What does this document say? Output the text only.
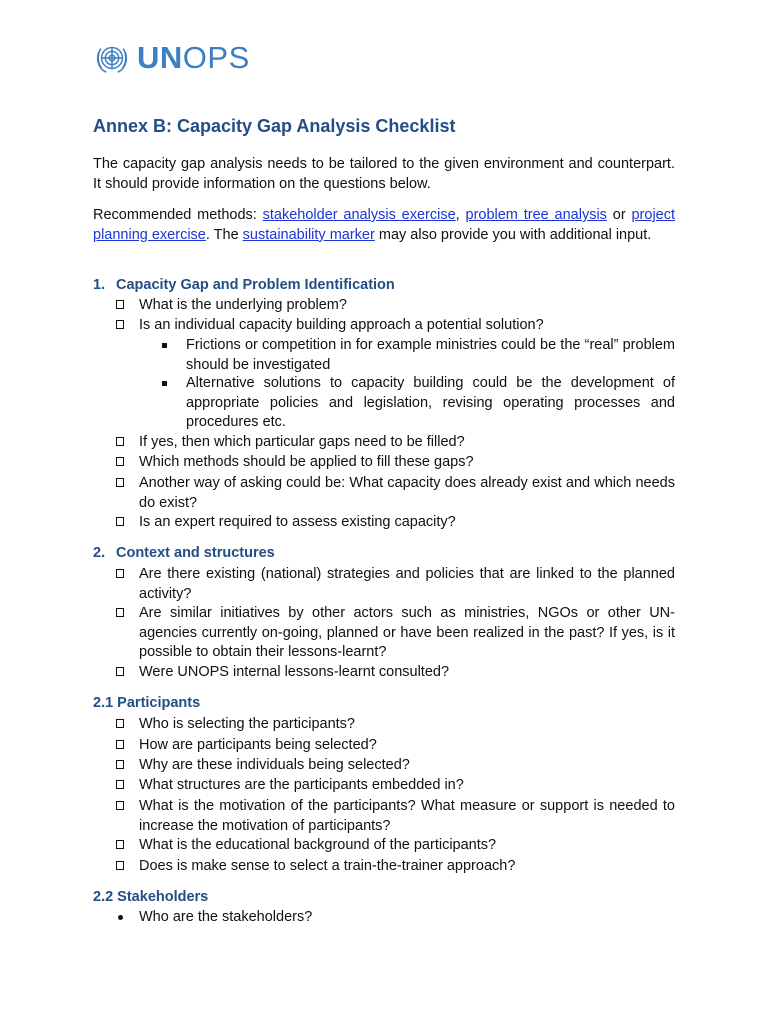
UNOPS
Annex B: Capacity Gap Analysis Checklist
The capacity gap analysis needs to be tailored to the given environment and counterpart. It should provide information on the questions below.
Recommended methods: stakeholder analysis exercise, problem tree analysis or project planning exercise. The sustainability marker may also provide you with additional input.
1. Capacity Gap and Problem Identification
What is the underlying problem?
Is an individual capacity building approach a potential solution?
Frictions or competition in for example ministries could be the “real” problem should be investigated
Alternative solutions to capacity building could be the development of appropriate policies and legislation, revising operating processes and procedures etc.
If yes, then which particular gaps need to be filled?
Which methods should be applied to fill these gaps?
Another way of asking could be: What capacity does already exist and which needs do exist?
Is an expert required to assess existing capacity?
2. Context and structures
Are there existing (national) strategies and policies that are linked to the planned activity?
Are similar initiatives by other actors such as ministries, NGOs or other UN-agencies currently on-going, planned or have been realized in the past? If yes, is it possible to obtain their lessons-learnt?
Were UNOPS internal lessons-learnt consulted?
2.1 Participants
Who is selecting the participants?
How are participants being selected?
Why are these individuals being selected?
What structures are the participants embedded in?
What is the motivation of the participants? What measure or support is needed to increase the motivation of participants?
What is the educational background of the participants?
Does is make sense to select a train-the-trainer approach?
2.2 Stakeholders
Who are the stakeholders?
